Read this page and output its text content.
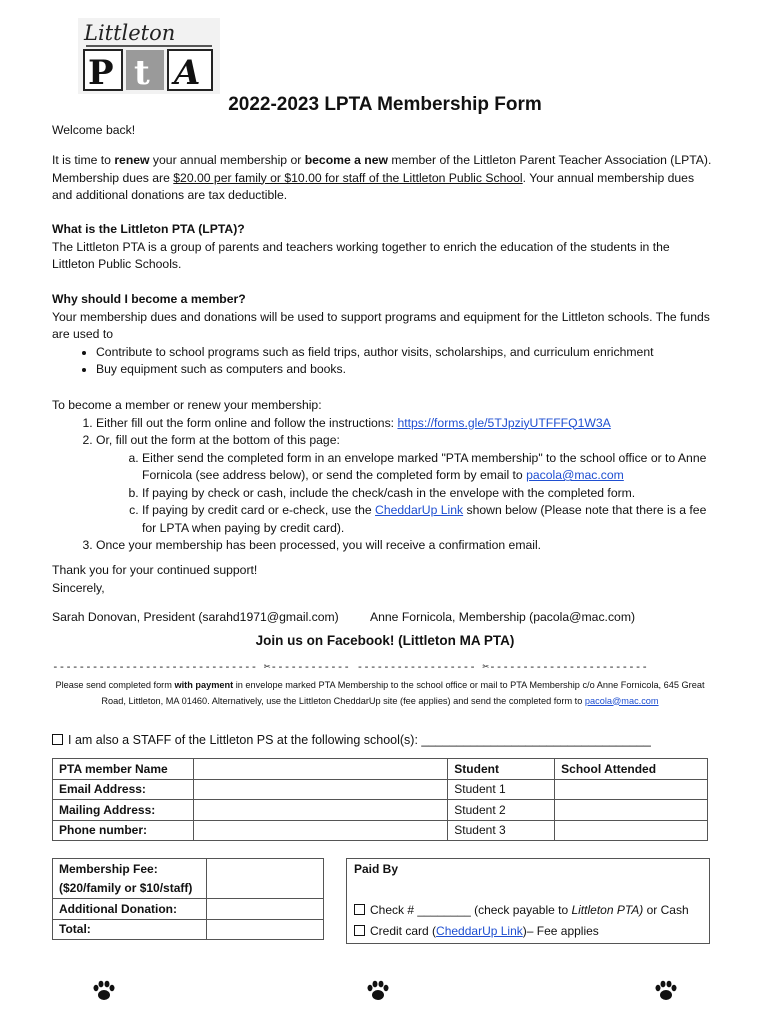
Littleton
P t A
2022-2023 LPTA Membership Form
Welcome back!
It is time to renew your annual membership or become a new member of the Littleton Parent Teacher Association (LPTA). Membership dues are $20.00 per family or $10.00 for staff of the Littleton Public School. Your annual membership dues and additional donations are tax deductible.

What is the Littleton PTA (LPTA)?

The Littleton PTA is a group of parents and teachers working together to enrich the education of the students in the Littleton Public Schools.

Why should I become a member?

Your membership dues and donations will be used to support programs and equipment for the Littleton schools. The funds are used to

• Contribute to school programs such as field trips, author visits, scholarships, and curriculum enrichment
• Buy equipment such as computers and books.

To become a member or renew your membership:

1. Either fill out the form online and follow the instructions: https://forms.gle/5TJpziyUTFFFQ1W3A
2. Or, fill out the form at the bottom of this page:
a. Either send the completed form in an envelope marked "PTA membership" to the school office or to Anne Fornicola (see address below), or send the completed form by email to pacola@mac.com
b. If paying by check or cash, include the check/cash in the envelope with the completed form.
c. If paying by credit card or e-check, use the CheddarUp Link shown below (Please note that there is a fee for LPTA when paying by credit card).
3. Once your membership has been processed, you will receive a confirmation email.

Thank you for your continued support!

Sincerely,

Sarah Donovan, President (sarahd1971@gmail.com)	Anne Fornicola, Membership (pacola@mac.com)
Join us on Facebook! (Littleton MA PTA)
------------------------------- ✂------------ ------------------ ✂------------------------
Please send completed form with payment in envelope marked PTA Membership to the school office or mail to PTA Membership c/o Anne Fornicola, 645 Great Road, Littleton, MA 01460. Alternatively, use the Littleton CheddarUp site (fee applies) and send the completed form to pacola@mac.com
I am also a STAFF of the Littleton PS at the following school(s): _________________________________
PTA member Name		Student	School Attended
Email Address:		Student 1	
Mailing Address:		Student 2	
Phone number:		Student 3	
Membership Fee:	
($20/family or $10/staff)	
Additional Donation:	
Total:	
Paid By
Check # ________ (check payable to Littleton PTA) or Cash
Credit card (CheddarUp Link)– Fee applies
